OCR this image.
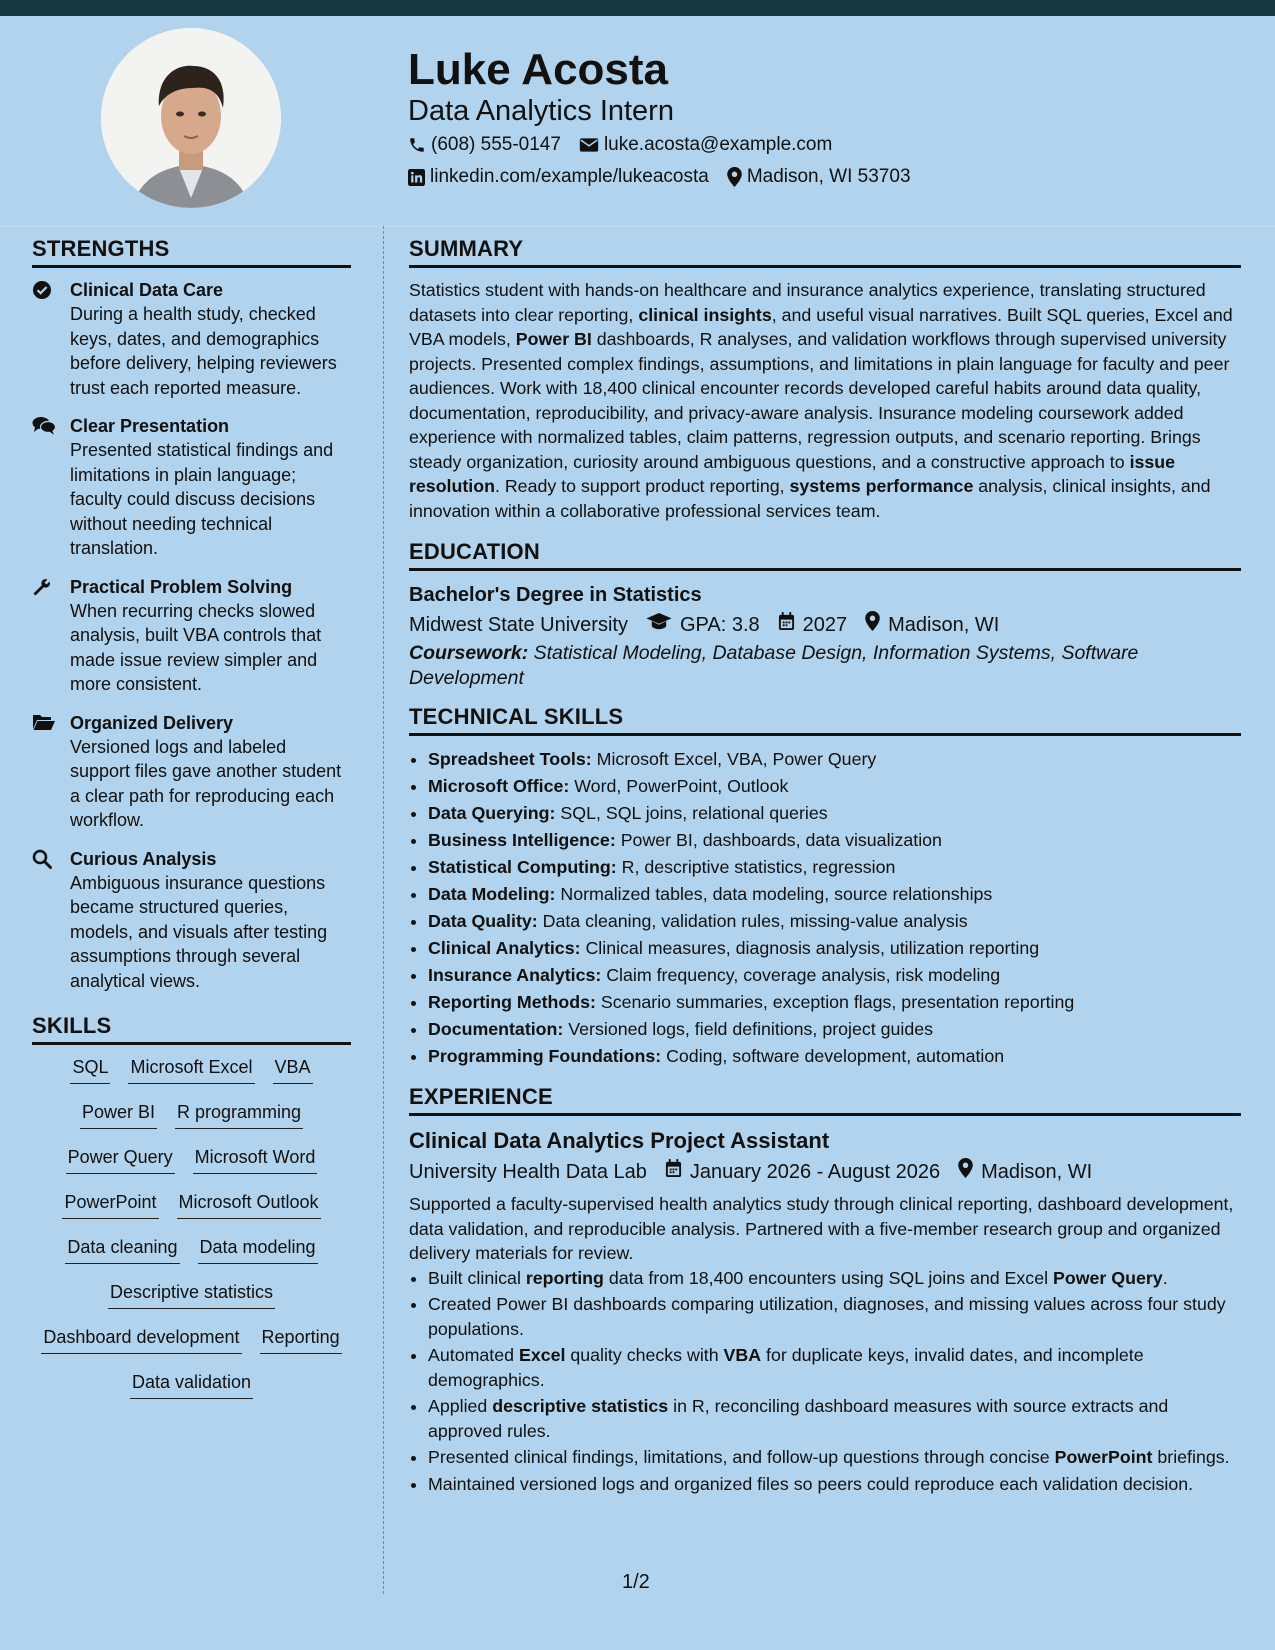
Luke Acosta
Data Analytics Intern
(608) 555-0147 luke.acosta@example.com
linkedin.com/example/lukeacosta Madison, WI 53703
STRENGTHS
Clinical Data Care
During a health study, checked keys, dates, and demographics before delivery, helping reviewers trust each reported measure.
Clear Presentation
Presented statistical findings and limitations in plain language; faculty could discuss decisions without needing technical translation.
Practical Problem Solving
When recurring checks slowed analysis, built VBA controls that made issue review simpler and more consistent.
Organized Delivery
Versioned logs and labeled support files gave another student a clear path for reproducing each workflow.
Curious Analysis
Ambiguous insurance questions became structured queries, models, and visuals after testing assumptions through several analytical views.
SKILLS
SQL Microsoft Excel VBA
Power BI R programming
Power Query Microsoft Word
PowerPoint Microsoft Outlook
Data cleaning Data modeling
Descriptive statistics
Dashboard development Reporting
Data validation
SUMMARY
Statistics student with hands-on healthcare and insurance analytics experience, translating structured datasets into clear reporting, clinical insights, and useful visual narratives. Built SQL queries, Excel and VBA models, Power BI dashboards, R analyses, and validation workflows through supervised university projects. Presented complex findings, assumptions, and limitations in plain language for faculty and peer audiences. Work with 18,400 clinical encounter records developed careful habits around data quality, documentation, reproducibility, and privacy-aware analysis. Insurance modeling coursework added experience with normalized tables, claim patterns, regression outputs, and scenario reporting. Brings steady organization, curiosity around ambiguous questions, and a constructive approach to issue resolution. Ready to support product reporting, systems performance analysis, clinical insights, and innovation within a collaborative professional services team.
EDUCATION
Bachelor's Degree in Statistics
Midwest State University	GPA: 3.8 2027 Madison, WI
Coursework: Statistical Modeling, Database Design, Information Systems, Software Development
TECHNICAL SKILLS
• Spreadsheet Tools: Microsoft Excel, VBA, Power Query
• Microsoft Office: Word, PowerPoint, Outlook
• Data Querying: SQL, SQL joins, relational queries
• Business Intelligence: Power BI, dashboards, data visualization
• Statistical Computing: R, descriptive statistics, regression
• Data Modeling: Normalized tables, data modeling, source relationships
• Data Quality: Data cleaning, validation rules, missing-value analysis
• Clinical Analytics: Clinical measures, diagnosis analysis, utilization reporting
• Insurance Analytics: Claim frequency, coverage analysis, risk modeling
• Reporting Methods: Scenario summaries, exception flags, presentation reporting
• Documentation: Versioned logs, field definitions, project guides
• Programming Foundations: Coding, software development, automation
EXPERIENCE
Clinical Data Analytics Project Assistant
University Health Data Lab January 2026 - August 2026 Madison, WI
Supported a faculty-supervised health analytics study through clinical reporting, dashboard development, data validation, and reproducible analysis. Partnered with a five-member research group and organized delivery materials for review.
• Built clinical reporting data from 18,400 encounters using SQL joins and Excel Power Query.
• Created Power BI dashboards comparing utilization, diagnoses, and missing values across four study populations.
• Automated Excel quality checks with VBA for duplicate keys, invalid dates, and incomplete demographics.
• Applied descriptive statistics in R, reconciling dashboard measures with source extracts and approved rules.
• Presented clinical findings, limitations, and follow-up questions through concise PowerPoint briefings.
• Maintained versioned logs and organized files so peers could reproduce each validation decision.
1/2
